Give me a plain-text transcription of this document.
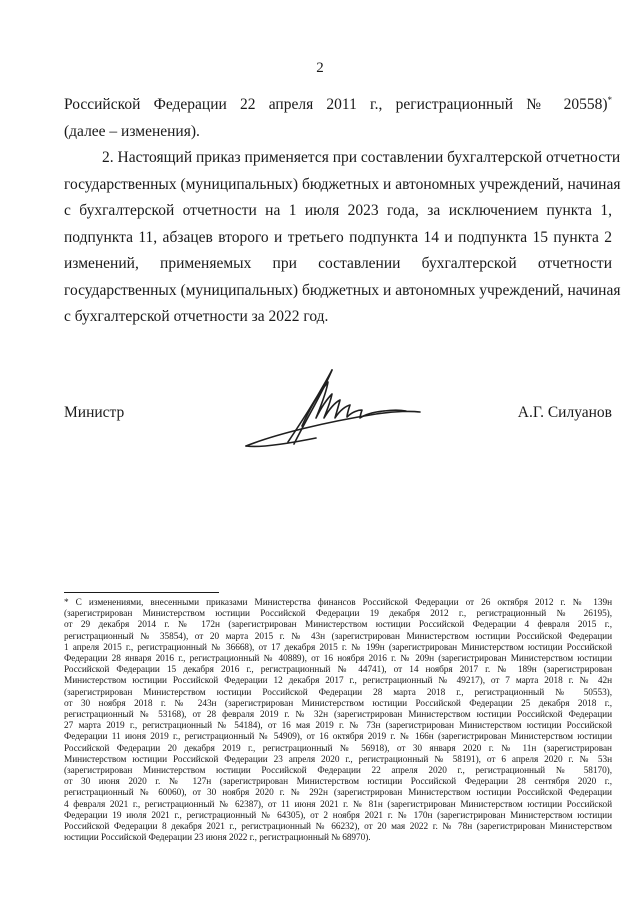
2
Российской Федерации 22 апреля 2011 г., регистрационный № 20558)*
(далее – изменения).
2. Настоящий приказ применяется при составлении бухгалтерской отчетности
государственных (муниципальных) бюджетных и автономных учреждений, начиная
с бухгалтерской отчетности на 1 июля 2023 года, за исключением пункта 1,
подпункта 11, абзацев второго и третьего подпункта 14 и подпункта 15 пункта 2
изменений, применяемых при составлении бухгалтерской отчетности
государственных (муниципальных) бюджетных и автономных учреждений, начиная
с бухгалтерской отчетности за 2022 год.
Министр	А.Г. Силуанов
* С изменениями, внесенными приказами Министерства финансов Российской Федерации от 26 октября 2012 г. № 139н
(зарегистрирован Министерством юстиции Российской Федерации 19 декабря 2012 г., регистрационный № 26195),
от 29 декабря 2014 г. № 172н (зарегистрирован Министерством юстиции Российской Федерации 4 февраля 2015 г.,
регистрационный № 35854), от 20 марта 2015 г. № 43н (зарегистрирован Министерством юстиции Российской Федерации
1 апреля 2015 г., регистрационный № 36668), от 17 декабря 2015 г. № 199н (зарегистрирован Министерством юстиции Российской
Федерации 28 января 2016 г., регистрационный № 40889), от 16 ноября 2016 г. № 209н (зарегистрирован Министерством юстиции
Российской Федерации 15 декабря 2016 г., регистрационный № 44741), от 14 ноября 2017 г. № 189н (зарегистрирован
Министерством юстиции Российской Федерации 12 декабря 2017 г., регистрационный № 49217), от 7 марта 2018 г. № 42н
(зарегистрирован Министерством юстиции Российской Федерации 28 марта 2018 г., регистрационный № 50553),
от 30 ноября 2018 г. № 243н (зарегистрирован Министерством юстиции Российской Федерации 25 декабря 2018 г.,
регистрационный № 53168), от 28 февраля 2019 г. № 32н (зарегистрирован Министерством юстиции Российской Федерации
27 марта 2019 г., регистрационный № 54184), от 16 мая 2019 г. № 73н (зарегистрирован Министерством юстиции Российской
Федерации 11 июня 2019 г., регистрационный № 54909), от 16 октября 2019 г. № 166н (зарегистрирован Министерством юстиции
Российской Федерации 20 декабря 2019 г., регистрационный № 56918), от 30 января 2020 г. № 11н (зарегистрирован
Министерством юстиции Российской Федерации 23 апреля 2020 г., регистрационный № 58191), от 6 апреля 2020 г. № 53н
(зарегистрирован Министерством юстиции Российской Федерации 22 апреля 2020 г., регистрационный № 58170),
от 30 июня 2020 г. № 127н (зарегистрирован Министерством юстиции Российской Федерации 28 сентября 2020 г.,
регистрационный № 60060), от 30 ноября 2020 г. № 292н (зарегистрирован Министерством юстиции Российской Федерации
4 февраля 2021 г., регистрационный № 62387), от 11 июня 2021 г. № 81н (зарегистрирован Министерством юстиции Российской
Федерации 19 июля 2021 г., регистрационный № 64305), от 2 ноября 2021 г. № 170н (зарегистрирован Министерством юстиции
Российской Федерации 8 декабря 2021 г., регистрационный № 66232), от 20 мая 2022 г. № 78н (зарегистрирован Министерством
юстиции Российской Федерации 23 июня 2022 г., регистрационный № 68970).
